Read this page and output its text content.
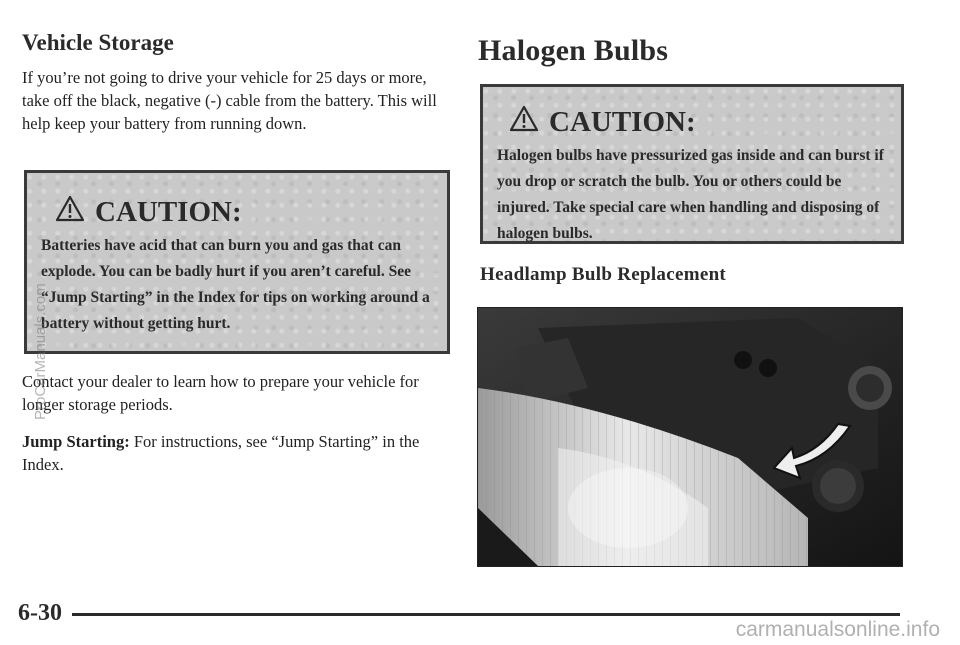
Vehicle Storage

If you’re not going to drive your vehicle for 25 days or more, take off the black, negative (-) cable from the battery. This will help keep your battery from running down.

CAUTION:
Batteries have acid that can burn you and gas that can explode. You can be badly hurt if you aren’t careful. See “Jump Starting” in the Index for tips on working around a battery without getting hurt.

Contact your dealer to learn how to prepare your vehicle for longer storage periods.

Jump Starting: For instructions, see “Jump Starting” in the Index.

Halogen Bulbs
CAUTION:
Halogen bulbs have pressurized gas inside and can burst if you drop or scratch the bulb. You or others could be injured. Take special care when handling and disposing of halogen bulbs.
Headlamp Bulb Replacement
6-30
carmanualsonline.info
